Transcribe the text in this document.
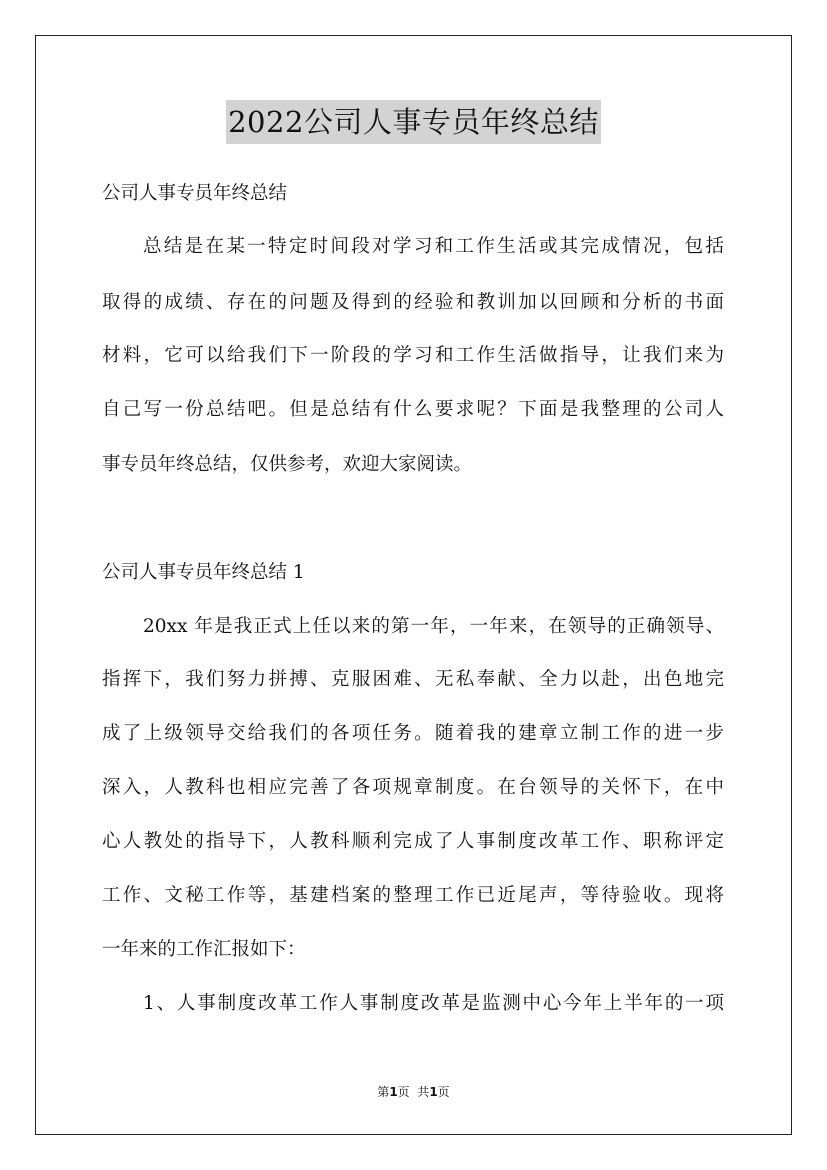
2022公司人事专员年终总结
公司人事专员年终总结
总结是在某一特定时间段对学习和工作生活或其完成情况，包括
取得的成绩、存在的问题及得到的经验和教训加以回顾和分析的书面
材料，它可以给我们下一阶段的学习和工作生活做指导，让我们来为
自己写一份总结吧。但是总结有什么要求呢？下面是我整理的公司人
事专员年终总结，仅供参考，欢迎大家阅读。
公司人事专员年终总结 1
20xx 年是我正式上任以来的第一年，一年来，在领导的正确领导、
指挥下，我们努力拼搏、克服困难、无私奉献、全力以赴，出色地完
成了上级领导交给我们的各项任务。随着我的建章立制工作的进一步
深入，人教科也相应完善了各项规章制度。在台领导的关怀下，在中
心人教处的指导下，人教科顺利完成了人事制度改革工作、职称评定
工作、文秘工作等，基建档案的整理工作已近尾声，等待验收。现将
一年来的工作汇报如下：
1、人事制度改革工作人事制度改革是监测中心今年上半年的一项
第1页  共1页
